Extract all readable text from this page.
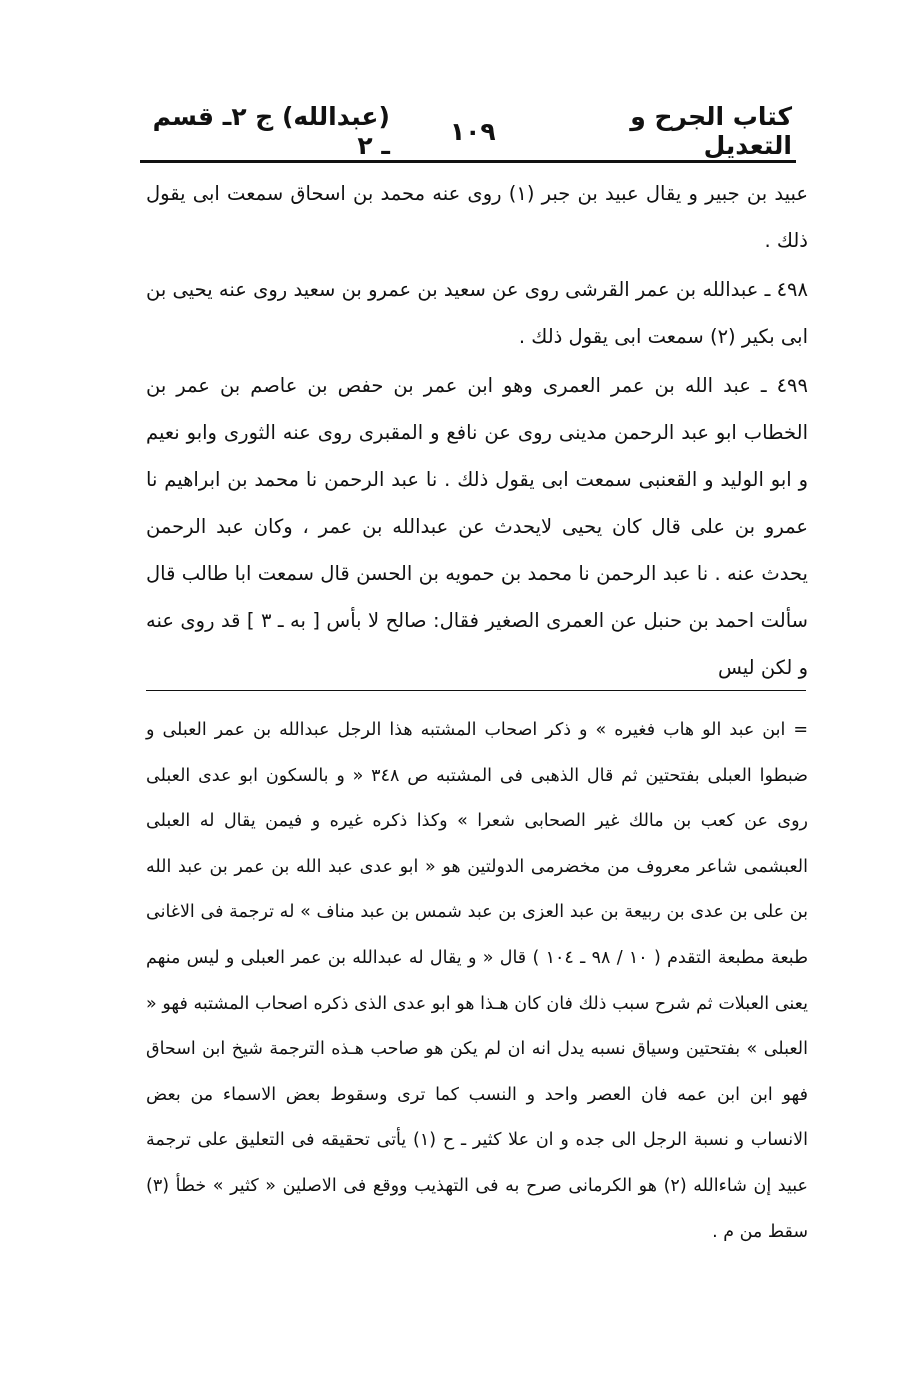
كتاب الجرح و التعديل
١٠٩
(عبدالله) ج ٢ـ قسم ـ ٢

عبيد بن جبير و يقال عبيد بن جبر (١) روى عنه محمد بن اسحاق سمعت ابى يقول ذلك .

٤٩٨ ـ عبدالله بن عمر القرشى روى عن سعيد بن عمرو بن سعيد روى عنه يحيى بن ابى بكير (٢) سمعت ابى يقول ذلك .

٤٩٩ ـ عبد الله بن عمر العمرى وهو ابن عمر بن حفص بن عاصم بن عمر بن الخطاب ابو عبد الرحمن مدينى روى عن نافع و المقبرى روى عنه الثورى وابو نعيم و ابو الوليد و القعنبى سمعت ابى يقول ذلك . نا عبد الرحمن نا محمد بن ابراهيم نا عمرو بن على قال كان يحيى لايحدث عن عبدالله بن عمر ، وكان عبد الرحمن يحدث عنه . نا عبد الرحمن نا محمد بن حمويه بن الحسن قال سمعت ابا طالب قال سألت احمد بن حنبل عن العمرى الصغير فقال: صالح لا بأس [ به ـ ٣ ] قد روى عنه و لكن ليس

= ابن عبد الو هاب فغيره » و ذكر اصحاب المشتبه هذا الرجل عبدالله بن عمر العبلى و ضبطوا العبلى بفتحتين ثم قال الذهبى فى المشتبه ص ٣٤٨ « و بالسكون ابو عدى العبلى روى عن كعب بن مالك غير الصحابى شعرا » وكذا ذكره غيره و فيمن يقال له العبلى العبشمى شاعر معروف من مخضرمى الدولتين هو « ابو عدى عبد الله بن عمر بن عبد الله بن على بن عدى بن ربيعة بن عبد العزى بن عبد شمس بن عبد مناف » له ترجمة فى الاغانى طبعة مطبعة التقدم ( ١٠ / ٩٨ ـ ١٠٤ ) قال « و يقال له عبدالله بن عمر العبلى و ليس منهم يعنى العبلات ثم شرح سبب ذلك فان كان هـذا هو ابو عدى الذى ذكره اصحاب المشتبه فهو « العبلى » بفتحتين وسياق نسبه يدل انه ان لم يكن هو صاحب هـذه الترجمة شيخ ابن اسحاق فهو ابن ابن عمه فان العصر واحد و النسب كما ترى وسقوط بعض الاسماء من بعض الانساب و نسبة الرجل الى جده و ان علا كثير ـ ح (١) يأتى تحقيقه فى التعليق على ترجمة عبيد إن شاءالله (٢) هو الكرمانى صرح به فى التهذيب ووقع فى الاصلين « كثير » خطأ (٣) سقط من م .
